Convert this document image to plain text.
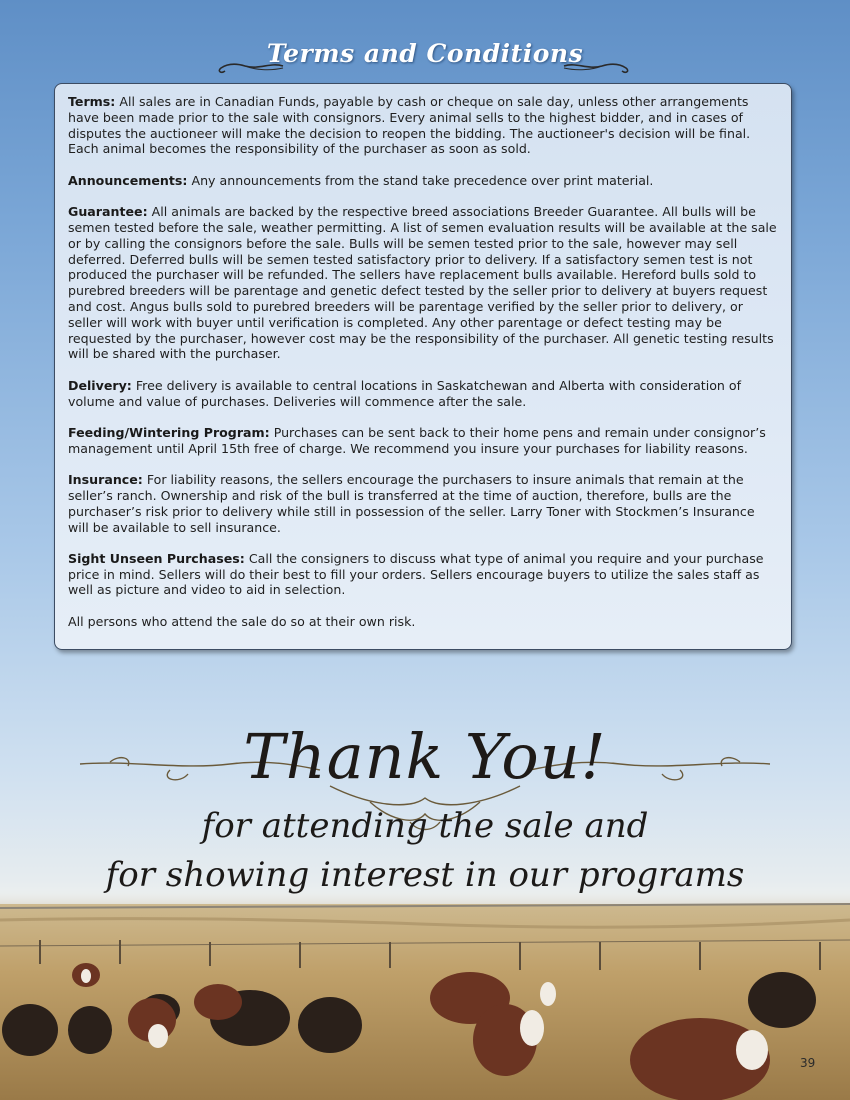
Terms and Conditions

Terms: All sales are in Canadian Funds, payable by cash or cheque on sale day, unless other arrangements have been made prior to the sale with consignors. Every animal sells to the highest bidder, and in cases of disputes the auctioneer will make the decision to reopen the bidding. The auctioneer's decision will be final. Each animal becomes the responsibility of the purchaser as soon as sold.

Announcements: Any announcements from the stand take precedence over print material.

Guarantee: All animals are backed by the respective breed associations Breeder Guarantee. All bulls will be semen tested before the sale, weather permitting. A list of semen evaluation results will be available at the sale or by calling the consignors before the sale. Bulls will be semen tested prior to the sale, however may sell deferred. Deferred bulls will be semen tested satisfactory prior to delivery. If a satisfactory semen test is not produced the purchaser will be refunded. The sellers have replacement bulls available. Hereford bulls sold to purebred breeders will be parentage and genetic defect tested by the seller prior to delivery at buyers request and cost. Angus bulls sold to purebred breeders will be parentage verified by the seller prior to delivery, or seller will work with buyer until verification is completed. Any other parentage or defect testing may be requested by the purchaser, however cost may be the responsibility of the purchaser. All genetic testing results will be shared with the purchaser.

Delivery: Free delivery is available to central locations in Saskatchewan and Alberta with consideration of volume and value of purchases. Deliveries will commence after the sale.

Feeding/Wintering Program: Purchases can be sent back to their home pens and remain under consignor’s management until April 15th free of charge. We recommend you insure your purchases for liability reasons.

Insurance: For liability reasons, the sellers encourage the purchasers to insure animals that remain at the seller’s ranch. Ownership and risk of the bull is transferred at the time of auction, therefore, bulls are the purchaser’s risk prior to delivery while still in possession of the seller. Larry Toner with Stockmen’s Insurance will be available to sell insurance.

Sight Unseen Purchases: Call the consigners to discuss what type of animal you require and your purchase price in mind. Sellers will do their best to fill your orders. Sellers encourage buyers to utilize the sales staff as well as picture and video to aid in selection.

All persons who attend the sale do so at their own risk.

Thank You!
for attending the sale and
for showing interest in our programs
39
